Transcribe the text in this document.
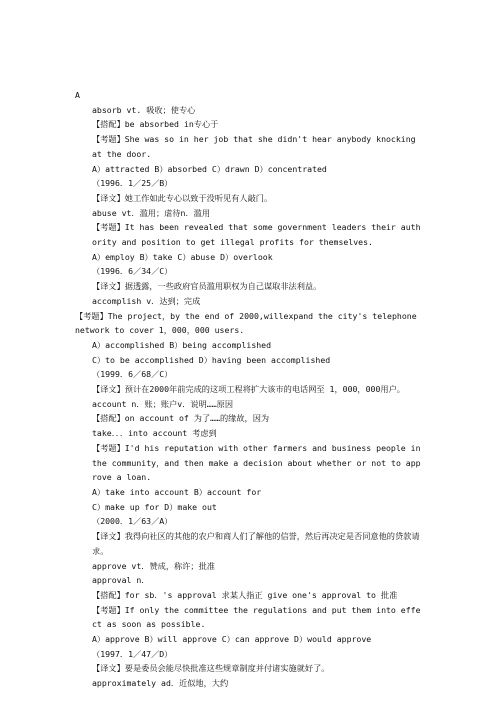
A
absorb vt. 吸收；使专心
【搭配】be absorbed in专心于
【考题】She was so in her job that she didn't hear anybody knocking at the door.
A）attracted B）absorbed C）drawn D）concentrated
（1996．1／25／B）
【译文】她工作如此专心以致于没听见有人敲门。
abuse vt．滥用；虐待n．滥用
【考题】It has been revealed that some government leaders their authority and position to get illegal profits for themselves.
A）employ B）take C）abuse D）overlook
（1996．6／34／C）
【译文】据透露，一些政府官员滥用职权为自己谋取非法利益。
accomplish v．达到；完成
【考题】The project，by the end of 2000,willexpand the city's telephone network to cover 1，000，000 users.
A）accomplished B）being accomplished
C）to be accomplished D）having been accomplished
（1999．6／68／C）
【译文】预计在2000年前完成的这项工程将扩大该市的电话网至 1，000，000用户。
account n．账；账户v．说明……原因
【搭配】on account of 为了……的缘故，因为
take．．．into account 考虑到
【考题】I'd his reputation with other farmers and business people in the community，and then make a decision about whether or not to approve a loan.
A）take into account B）account for
C）make up for D）make out
（2000．1／63／A）
【译文】我得向社区的其他的农户和商人们了解他的信誉，然后再决定是否同意他的贷款请求。
approve vt．赞成，称许；批准
approval n．
【搭配】for sb．'s approval 求某人指正 give one's approval to 批准
【考题】If only the committee the regulations and put them into effect as soon as possible.
A）approve B）will approve C）can approve D）would approve
（1997．1／47／D）
【译文】要是委员会能尽快批准这些规章制度并付诸实施就好了。
approximately ad．近似地，大约
